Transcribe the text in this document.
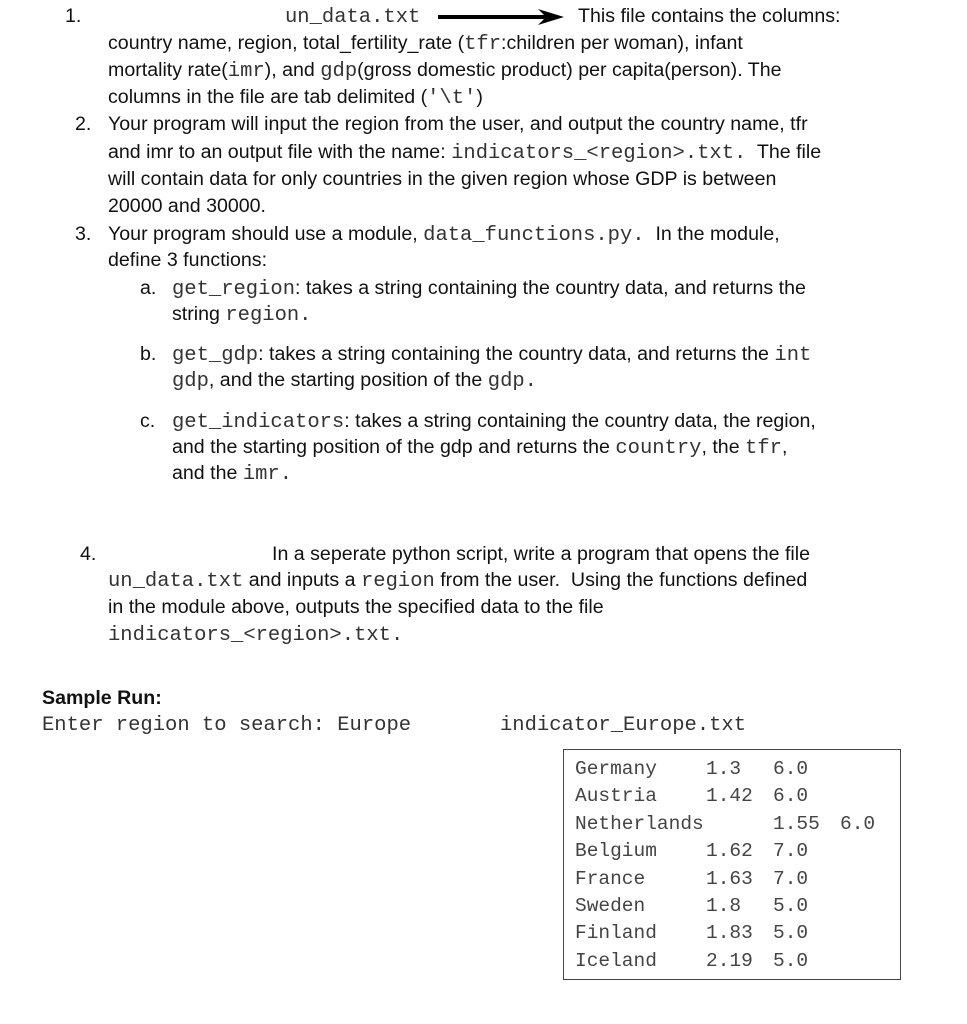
1.	un_data.txt	This file contains the columns:
country name, region, total_fertility_rate (tfr:children per woman), infant
mortality rate(imr), and gdp(gross domestic product) per capita(person). The
columns in the file are tab delimited ('\t')
2. Your program will input the region from the user, and output the country name, tfr
and imr to an output file with the name: indicators_<region>.txt.  The file
will contain data for only countries in the given region whose GDP is between
20000 and 30000.
3. Your program should use a module, data_functions.py.  In the module,
define 3 functions:
a. get_region: takes a string containing the country data, and returns the
string region.
b. get_gdp: takes a string containing the country data, and returns the int
gdp, and the starting position of the gdp.
c. get_indicators: takes a string containing the country data, the region,
and the starting position of the gdp and returns the country, the tfr,
and the imr.
4.	In a seperate python script, write a program that opens the file
un_data.txt and inputs a region from the user.  Using the functions defined
in the module above, outputs the specified data to the file
indicators_<region>.txt.
Sample Run:
Enter region to search: Europe	indicator_Europe.txt
Germany	1.3 6.0
Austria	1.42 6.0
Netherlands	1.55 6.0
Belgium	1.62 7.0
France	1.63 7.0
Sweden	1.8 5.0
Finland	1.83 5.0
Iceland	2.19 5.0
